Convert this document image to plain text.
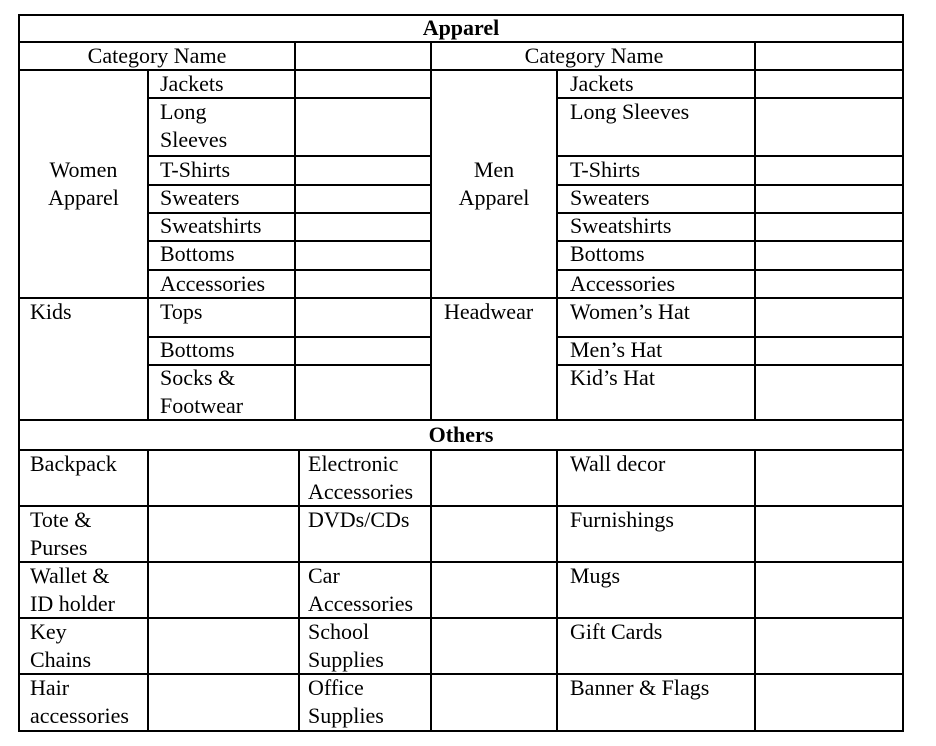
Apparel
Category Name	Category Name
Women
Apparel
Jackets
Long
Sleeves
T-Shirts
Sweaters
Sweatshirts
Bottoms
Accessories
Kids	Tops
Bottoms
Socks &
Footwear
Men
Apparel
Jackets
Long Sleeves
T-Shirts
Sweaters
Sweatshirts
Bottoms
Accessories
Headwear Women’s Hat
Men’s Hat
Kid’s Hat
Others
Backpack
Tote &
Purses
Wallet &
ID holder
Key
Chains
Hair
accessories
Electronic
Accessories
DVDs/CDs
Car
Accessories
School
Supplies
Office
Supplies
Wall decor
Furnishings
Mugs
Gift Cards
Banner & Flags
